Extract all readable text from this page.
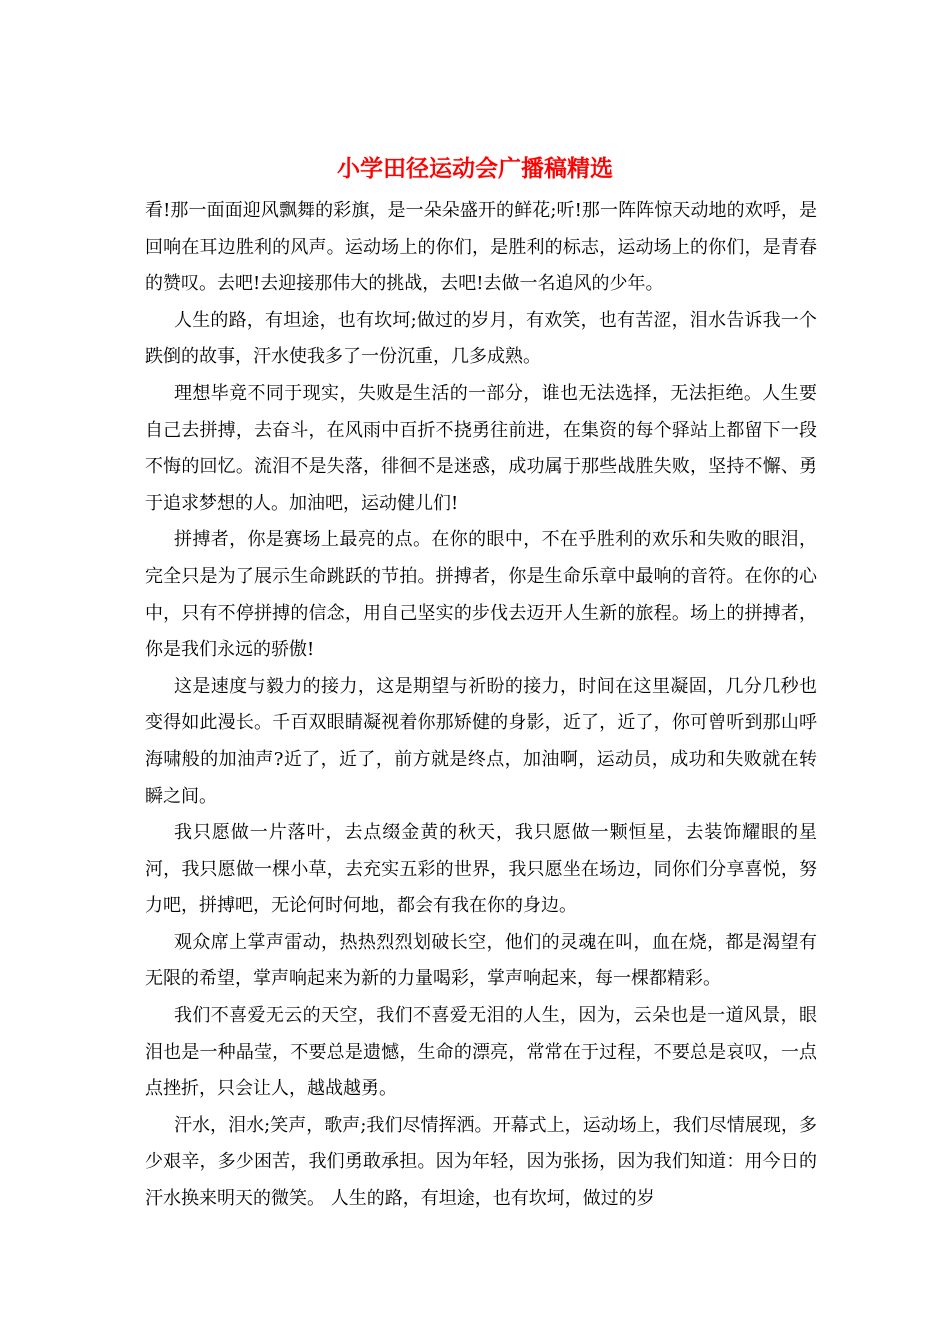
小学田径运动会广播稿精选

看!那一面面迎风飘舞的彩旗，是一朵朵盛开的鲜花;听!那一阵阵惊天动地的欢呼，是回响在耳边胜利的风声。运动场上的你们，是胜利的标志，运动场上的你们，是青春的赞叹。去吧!去迎接那伟大的挑战，去吧!去做一名追风的少年。

人生的路，有坦途，也有坎坷;做过的岁月，有欢笑，也有苦涩，泪水告诉我一个跌倒的故事，汗水使我多了一份沉重，几多成熟。

理想毕竟不同于现实，失败是生活的一部分，谁也无法选择，无法拒绝。人生要自己去拼搏，去奋斗，在风雨中百折不挠勇往前进，在集资的每个驿站上都留下一段不悔的回忆。流泪不是失落，徘徊不是迷惑，成功属于那些战胜失败，坚持不懈、勇于追求梦想的人。加油吧，运动健儿们!

拼搏者，你是赛场上最亮的点。在你的眼中，不在乎胜利的欢乐和失败的眼泪，完全只是为了展示生命跳跃的节拍。拼搏者，你是生命乐章中最响的音符。在你的心中，只有不停拼搏的信念，用自己坚实的步伐去迈开人生新的旅程。场上的拼搏者，你是我们永远的骄傲!

这是速度与毅力的接力，这是期望与祈盼的接力，时间在这里凝固，几分几秒也变得如此漫长。千百双眼睛凝视着你那矫健的身影，近了，近了，你可曾听到那山呼海啸般的加油声?近了，近了，前方就是终点，加油啊，运动员，成功和失败就在转瞬之间。

我只愿做一片落叶，去点缀金黄的秋天，我只愿做一颗恒星，去装饰耀眼的星河，我只愿做一棵小草，去充实五彩的世界，我只愿坐在场边，同你们分享喜悦，努力吧，拼搏吧，无论何时何地，都会有我在你的身边。

观众席上掌声雷动，热热烈烈划破长空，他们的灵魂在叫，血在烧，都是渴望有无限的希望，掌声响起来为新的力量喝彩，掌声响起来，每一棵都精彩。

我们不喜爱无云的天空，我们不喜爱无泪的人生，因为，云朵也是一道风景，眼泪也是一种晶莹，不要总是遗憾，生命的漂亮，常常在于过程，不要总是哀叹，一点点挫折，只会让人，越战越勇。

汗水，泪水;笑声，歌声;我们尽情挥洒。开幕式上，运动场上，我们尽情展现，多少艰辛，多少困苦，我们勇敢承担。因为年轻，因为张扬，因为我们知道：用今日的汗水换来明天的微笑。 人生的路，有坦途，也有坎坷，做过的岁
